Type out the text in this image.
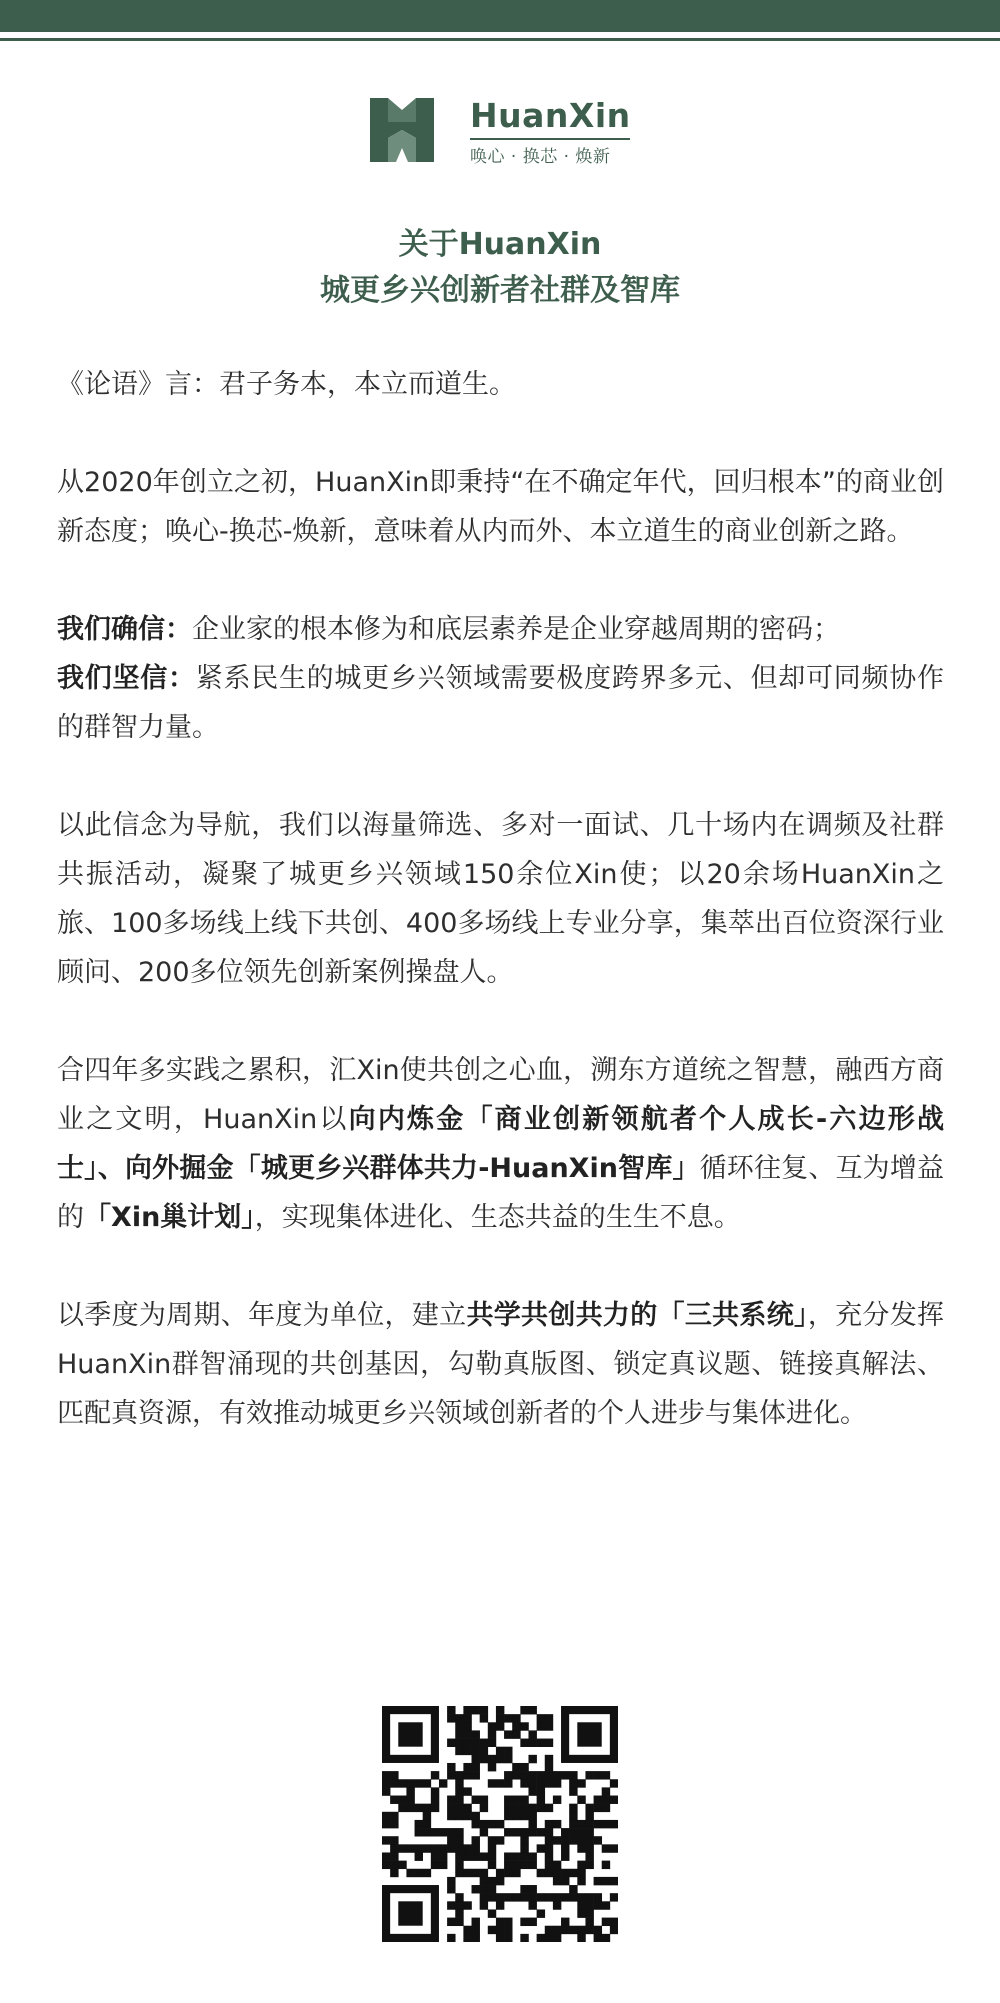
HuanXin
唤心 · 换芯 · 焕新
关于HuanXin
城更乡兴创新者社群及智库

《论语》言：君子务本，本立而道生。

从2020年创立之初，HuanXin即秉持“在不确定年代，回归根本”的商业创新态度；唤心-换芯-焕新，意味着从内而外、本立道生的商业创新之路。

我们确信：企业家的根本修为和底层素养是企业穿越周期的密码；

我们坚信：紧系民生的城更乡兴领域需要极度跨界多元、但却可同频协作的群智力量。

以此信念为导航，我们以海量筛选、多对一面试、几十场内在调频及社群共振活动，凝聚了城更乡兴领域150余位Xin使；以20余场HuanXin之旅、100多场线上线下共创、400多场线上专业分享，集萃出百位资深行业顾问、200多位领先创新案例操盘人。

合四年多实践之累积，汇Xin使共创之心血，溯东方道统之智慧，融西方商业之文明，HuanXin以向内炼金「商业创新领航者个人成长-六边形战士」、向外掘金「城更乡兴群体共力-HuanXin智库」循环往复、互为增益的「Xin巢计划」，实现集体进化、生态共益的生生不息。

以季度为周期、年度为单位，建立共学共创共力的「三共系统」，充分发挥HuanXin群智涌现的共创基因，勾勒真版图、锁定真议题、链接真解法、匹配真资源，有效推动城更乡兴领域创新者的个人进步与集体进化。
